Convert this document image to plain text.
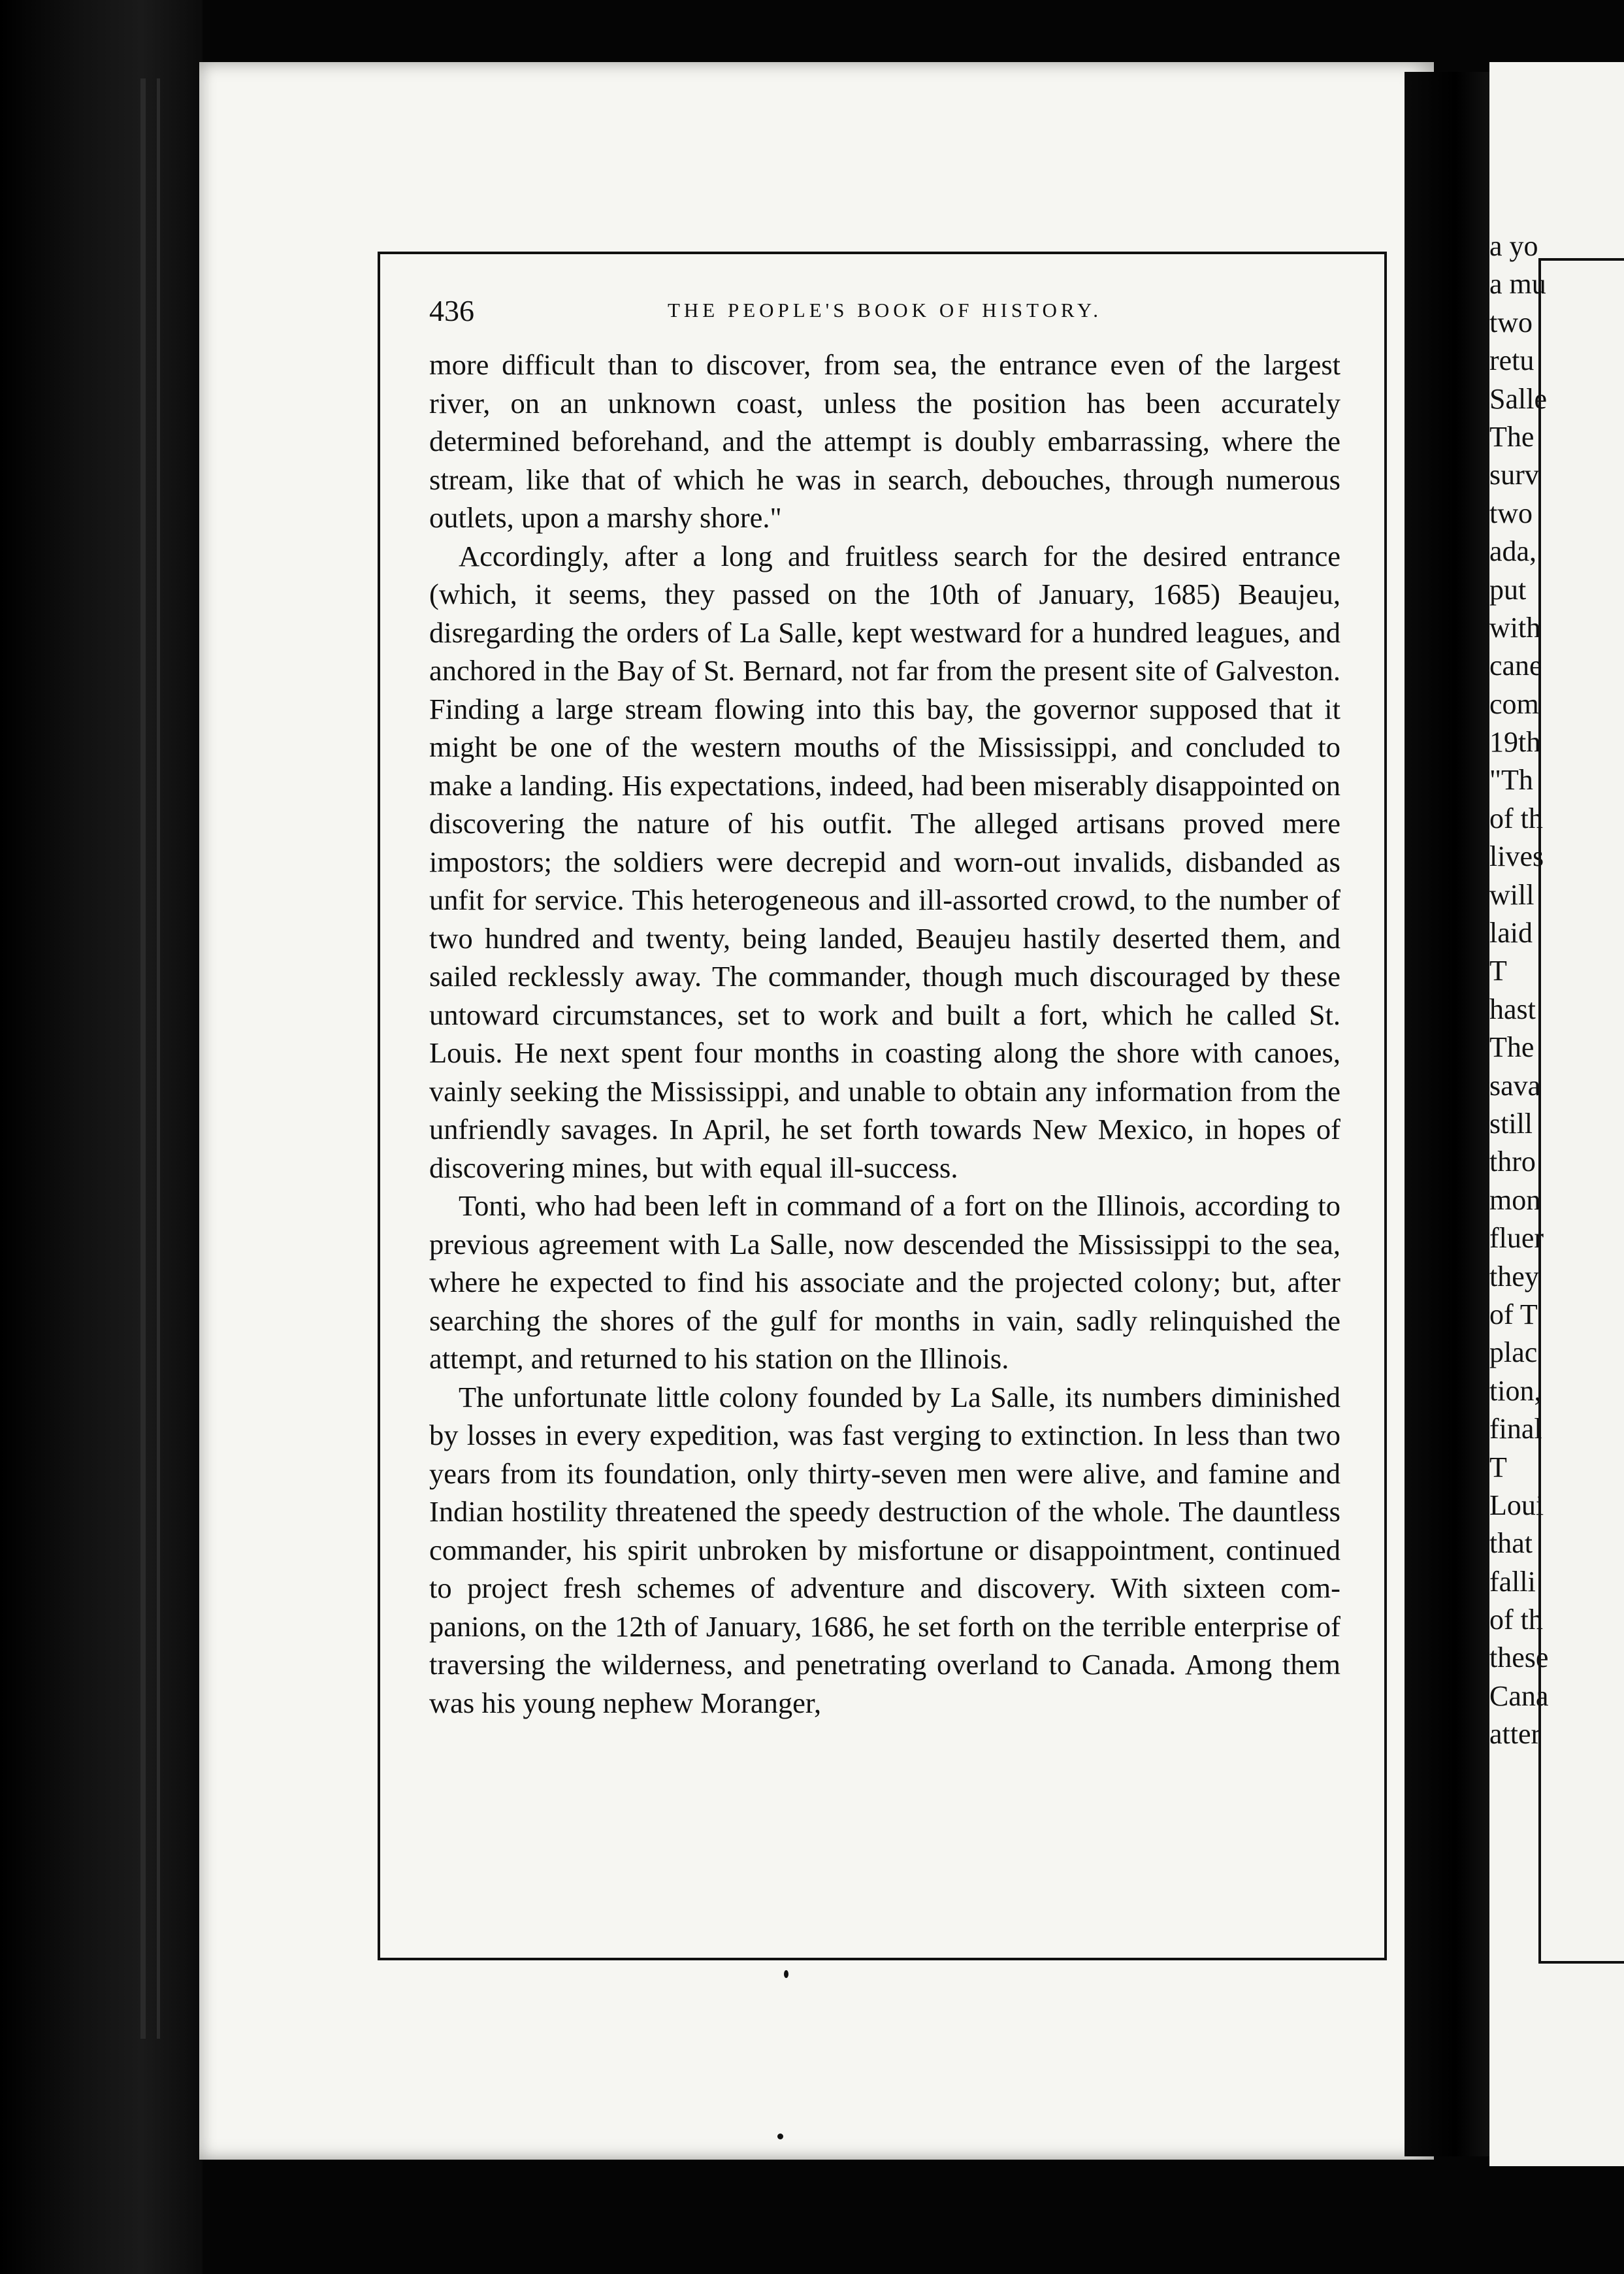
436	THE PEOPLE'S BOOK OF HISTORY.

more difficult than to discover, from sea, the entrance even of the largest river, on an unknown coast, unless the position has been accurately determined beforehand, and the attempt is doubly embarrassing, where the stream, like that of which he was in search, debouches, through numerous outlets, upon a marshy shore."

Accordingly, after a long and fruitless search for the desired entrance (which, it seems, they passed on the 10th of January, 1685) Beaujeu, disregarding the orders of La Salle, kept westward for a hundred leagues, and anchored in the Bay of St. Bernard, not far from the present site of Galveston. Finding a large stream flowing into this bay, the governor supposed that it might be one of the western mouths of the Mississippi, and concluded to make a landing. His expectations, indeed, had been miserably disappointed on discovering the nature of his outfit. The alleged artisans proved mere impostors; the soldiers were decrepid and worn-out invalids, disbanded as unfit for service. This heterogeneous and ill-assorted crowd, to the number of two hundred and twenty, being landed, Beaujeu hastily deserted them, and sailed recklessly away. The commander, though much discouraged by these untoward circumstances, set to work and built a fort, which he called St. Louis. He next spent four months in coasting along the shore with canoes, vainly seeking the Mississippi, and unable to obtain any information from the unfriendly savages. In April, he set forth towards New Mexico, in hopes of discovering mines, but with equal ill-success.

Tonti, who had been left in command of a fort on the Illinois, according to previous agreement with La Salle, now descended the Mississippi to the sea, where he expected to find his associate and the projected colony; but, after searching the shores of the gulf for months in vain, sadly relinquished the attempt, and returned to his station on the Illinois.

The unfortunate little colony founded by La Salle, its numbers diminished by losses in every expedition, was fast verging to extinction. In less than two years from its foundation, only thirty-seven men were alive, and famine and Indian hostility threatened the speedy destruction of the whole. The dauntless commander, his spirit unbroken by misfortune or disappointment, continued to project fresh schemes of adventure and discovery. With sixteen companions, on the 12th of January, 1686, he set forth on the terrible enterprise of traversing the wilderness, and penetrating overland to Canada. Among them was his young nephew Moranger,

a yo
a mu
two
retu
Salle
The
surv
two
ada,
put
with
cane
com
19th
"Th
of th
lives
will
laid
T
hast
The
sava
still
thro
mon
fluer
they
of T
plac
tion,
final
T
Loui
that
falli
of th
these
Cana
atter
